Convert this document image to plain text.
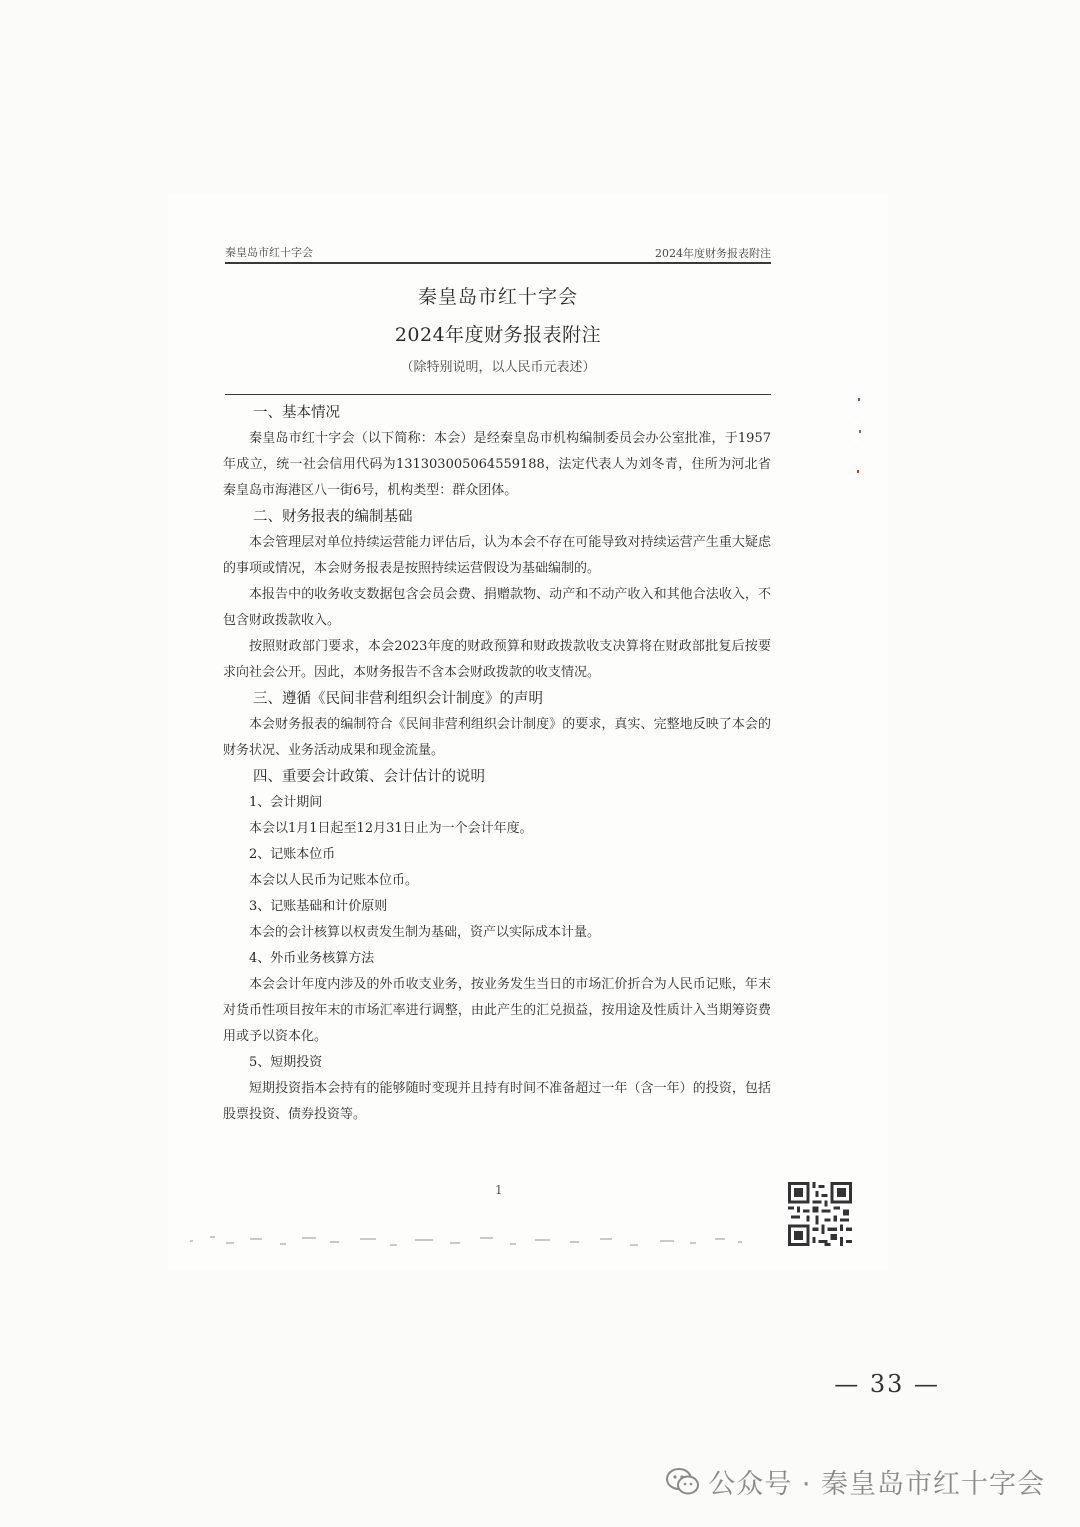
秦皇岛市红十字会	2024年度财务报表附注
秦皇岛市红十字会
2024年度财务报表附注
（除特别说明，以人民币元表述）

一、基本情况

秦皇岛市红十字会（以下简称：本会）是经秦皇岛市机构编制委员会办公室批准，于1957年成立，统一社会信用代码为131303005064559188，法定代表人为刘冬青，住所为河北省秦皇岛市海港区八一街6号，机构类型：群众团体。

二、财务报表的编制基础

本会管理层对单位持续运营能力评估后，认为本会不存在可能导致对持续运营产生重大疑虑的事项或情况，本会财务报表是按照持续运营假设为基础编制的。

本报告中的收务收支数据包含会员会费、捐赠款物、动产和不动产收入和其他合法收入，不包含财政拨款收入。

按照财政部门要求，本会2023年度的财政预算和财政拨款收支决算将在财政部批复后按要求向社会公开。因此，本财务报告不含本会财政拨款的收支情况。

三、遵循《民间非营利组织会计制度》的声明

本会财务报表的编制符合《民间非营利组织会计制度》的要求，真实、完整地反映了本会的财务状况、业务活动成果和现金流量。

四、重要会计政策、会计估计的说明

1、会计期间

本会以1月1日起至12月31日止为一个会计年度。

2、记账本位币

本会以人民币为记账本位币。

3、记账基础和计价原则

本会的会计核算以权责发生制为基础，资产以实际成本计量。

4、外币业务核算方法

本会会计年度内涉及的外币收支业务，按业务发生当日的市场汇价折合为人民币记账，年末对货币性项目按年末的市场汇率进行调整，由此产生的汇兑损益，按用途及性质计入当期筹资费用或予以资本化。

5、短期投资

短期投资指本会持有的能够随时变现并且持有时间不准备超过一年（含一年）的投资，包括股票投资、债券投资等。

1
— 33 —
公众号 · 秦皇岛市红十字会
